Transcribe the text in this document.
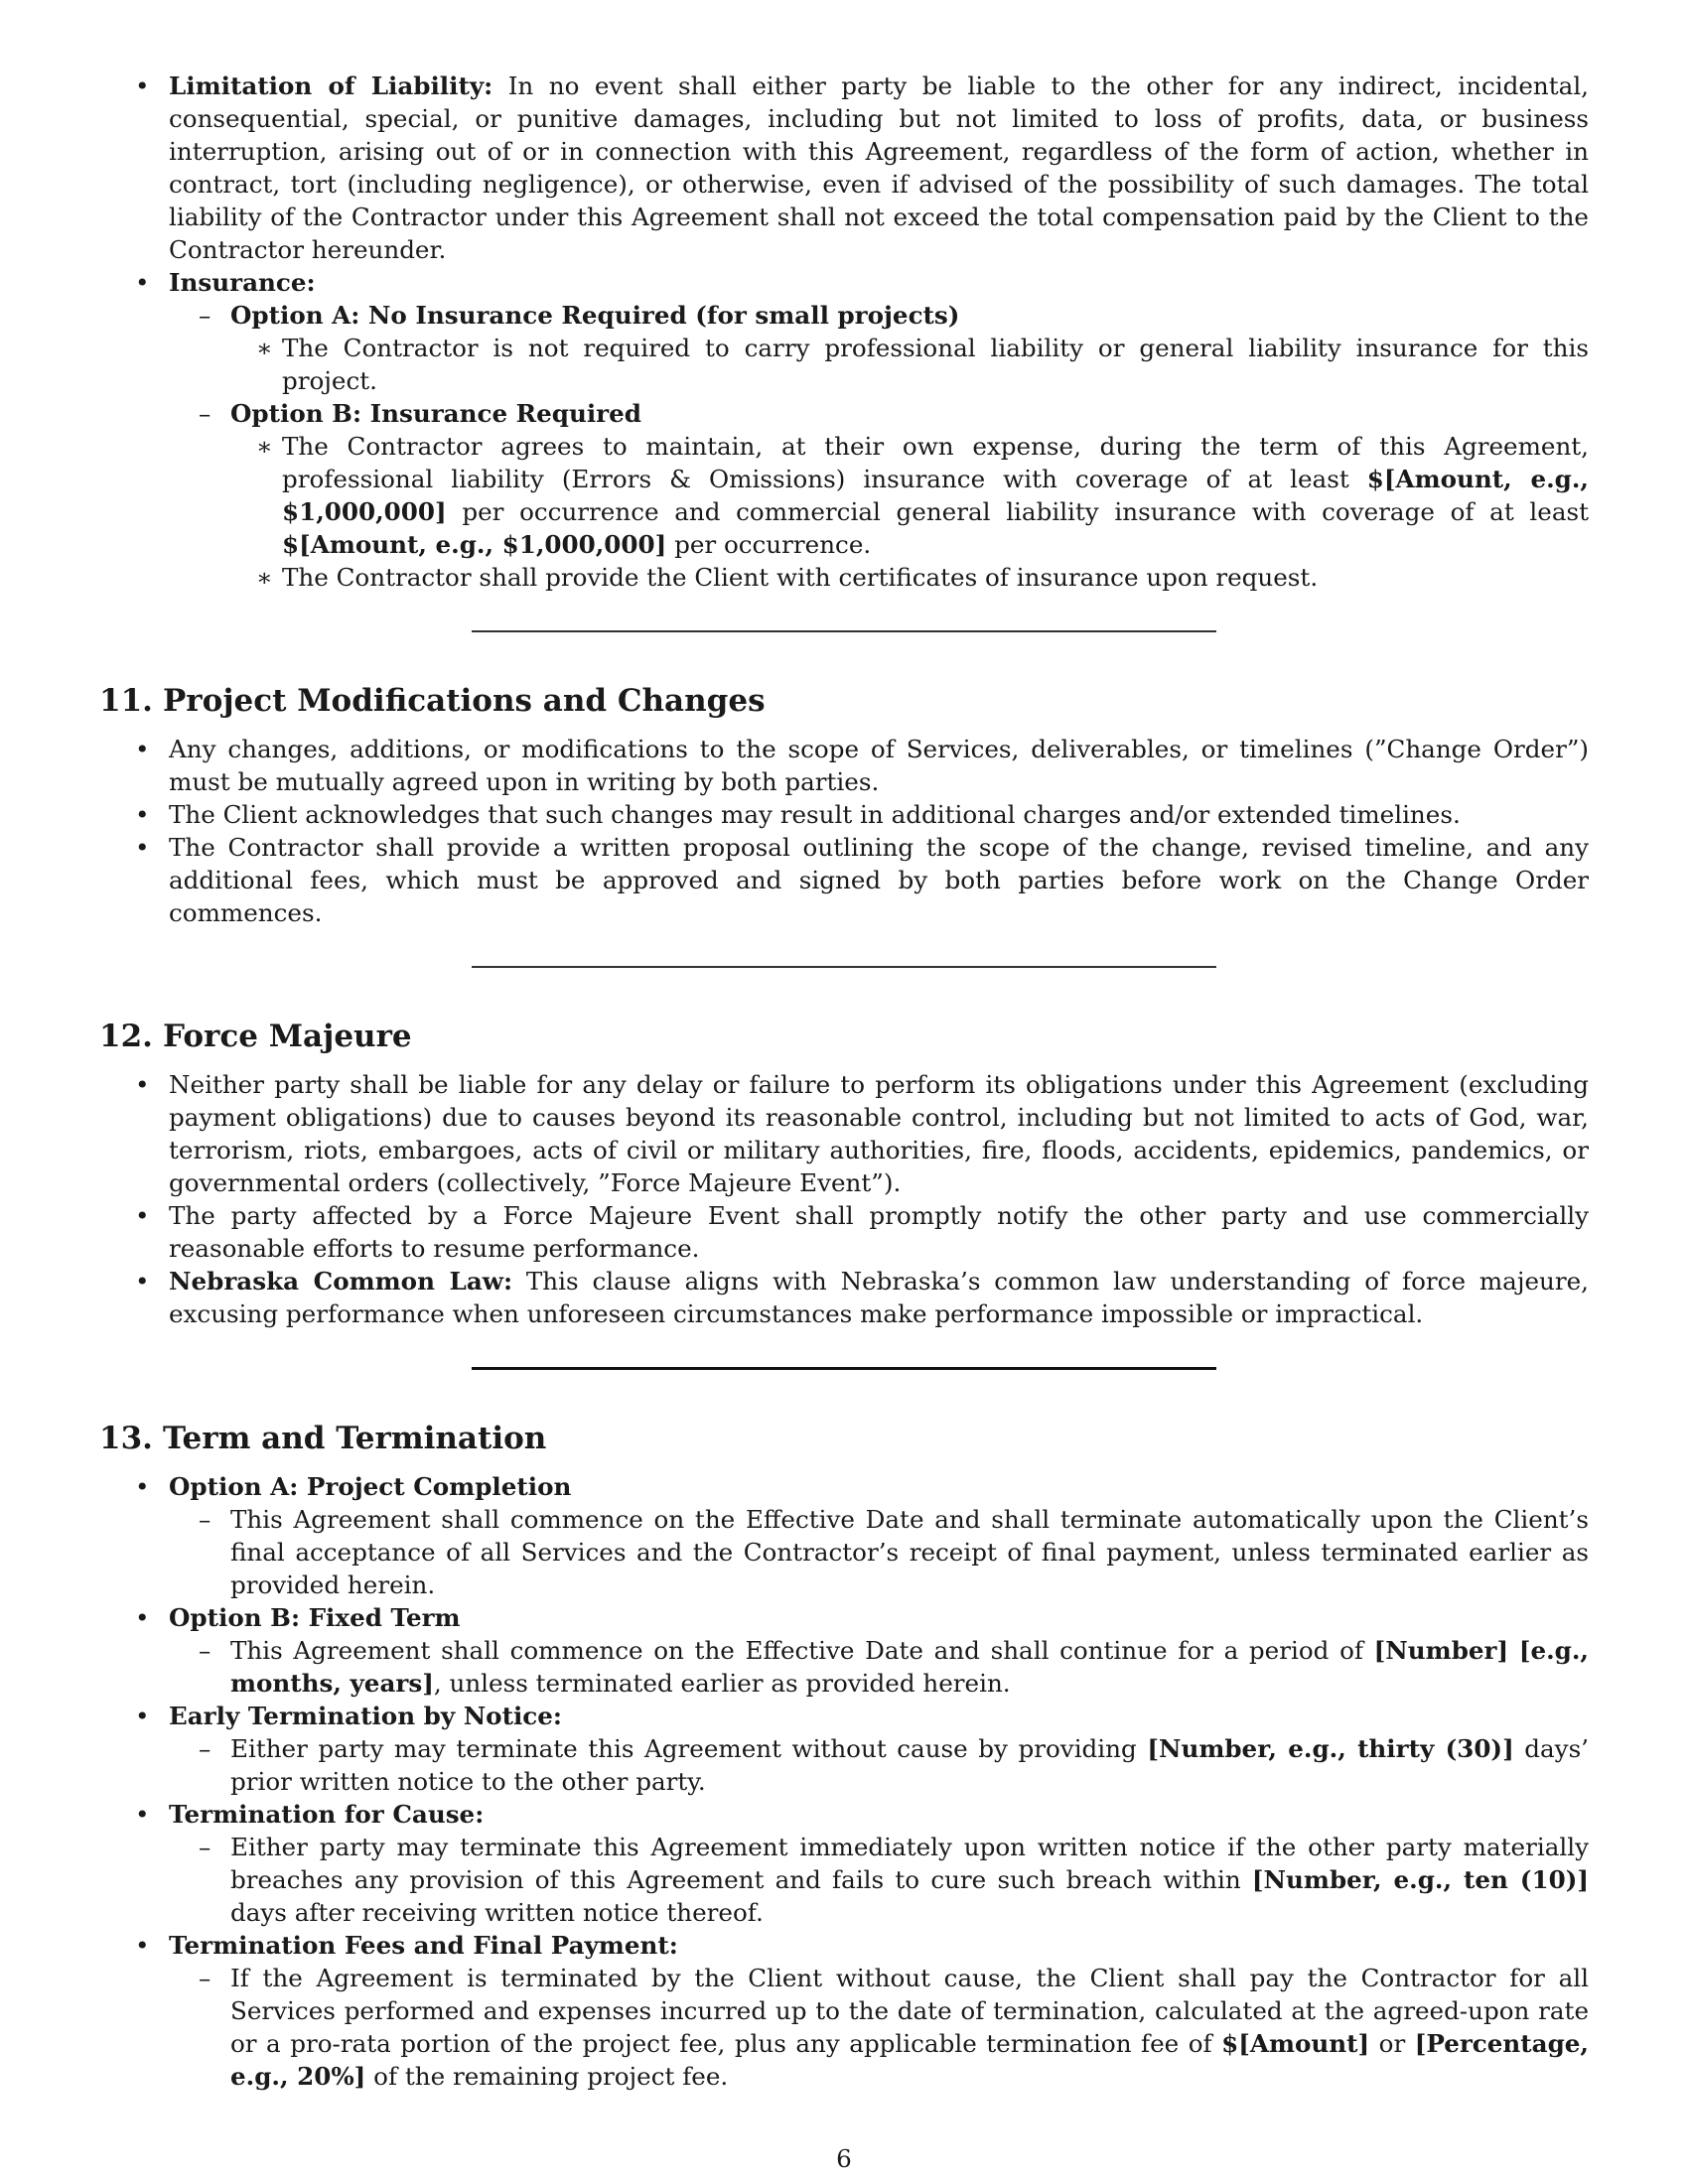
• Limitation of Liability: In no event shall either party be liable to the other for any indirect, incidental, consequential, special, or punitive damages, including but not limited to loss of profits, data, or business interruption, arising out of or in connection with this Agreement, regardless of the form of action, whether in contract, tort (including negligence), or otherwise, even if advised of the possibility of such damages. The total liability of the Contractor under this Agreement shall not exceed the total compensation paid by the Client to the Contractor hereunder.
• Insurance:
– Option A: No Insurance Required (for small projects)
∗ The Contractor is not required to carry professional liability or general liability insurance for this project.
– Option B: Insurance Required
∗ The Contractor agrees to maintain, at their own expense, during the term of this Agreement, professional liability (Errors & Omissions) insurance with coverage of at least $[Amount, e.g., $1,000,000] per occurrence and commercial general liability insurance with coverage of at least $[Amount, e.g., $1,000,000] per occurrence.
∗ The Contractor shall provide the Client with certificates of insurance upon request.
11. Project Modifications and Changes
• Any changes, additions, or modifications to the scope of Services, deliverables, or timelines (”Change Order”) must be mutually agreed upon in writing by both parties.
• The Client acknowledges that such changes may result in additional charges and/or extended timelines.
• The Contractor shall provide a written proposal outlining the scope of the change, revised timeline, and any additional fees, which must be approved and signed by both parties before work on the Change Order commences.
12. Force Majeure
• Neither party shall be liable for any delay or failure to perform its obligations under this Agreement (excluding payment obligations) due to causes beyond its reasonable control, including but not limited to acts of God, war, terrorism, riots, embargoes, acts of civil or military authorities, fire, floods, accidents, epidemics, pandemics, or governmental orders (collectively, ”Force Majeure Event”).
• The party affected by a Force Majeure Event shall promptly notify the other party and use commercially reasonable efforts to resume performance.
• Nebraska Common Law: This clause aligns with Nebraska’s common law understanding of force majeure, excusing performance when unforeseen circumstances make performance impossible or impractical.
13. Term and Termination
• Option A: Project Completion
– This Agreement shall commence on the Effective Date and shall terminate automatically upon the Client’s final acceptance of all Services and the Contractor’s receipt of final payment, unless terminated earlier as provided herein.
• Option B: Fixed Term
– This Agreement shall commence on the Effective Date and shall continue for a period of [Number] [e.g., months, years], unless terminated earlier as provided herein.
• Early Termination by Notice:
– Either party may terminate this Agreement without cause by providing [Number, e.g., thirty (30)] days’ prior written notice to the other party.
• Termination for Cause:
– Either party may terminate this Agreement immediately upon written notice if the other party materially breaches any provision of this Agreement and fails to cure such breach within [Number, e.g., ten (10)] days after receiving written notice thereof.
• Termination Fees and Final Payment:
– If the Agreement is terminated by the Client without cause, the Client shall pay the Contractor for all Services performed and expenses incurred up to the date of termination, calculated at the agreed-upon rate or a pro-rata portion of the project fee, plus any applicable termination fee of $[Amount] or [Percentage, e.g., 20%] of the remaining project fee.
6
